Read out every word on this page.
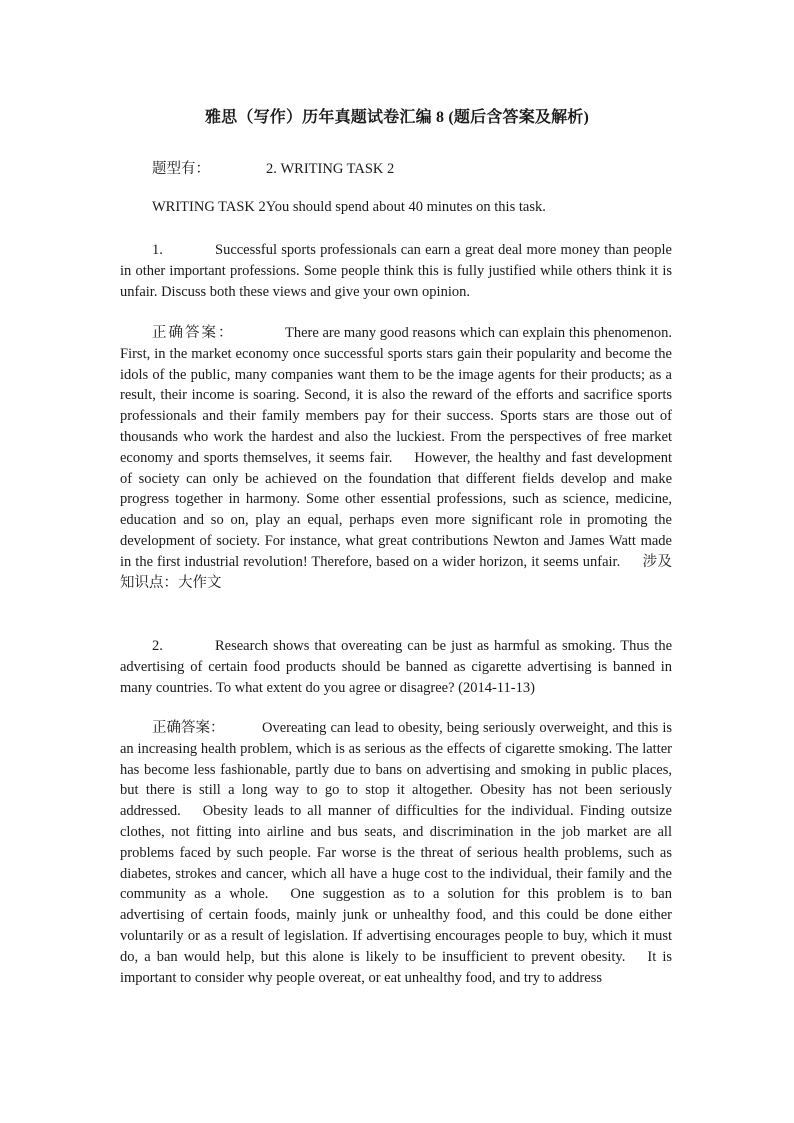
雅思（写作）历年真题试卷汇编 8 (题后含答案及解析)
题型有：	2. WRITING TASK 2
WRITING TASK 2You should spend about 40 minutes on this task.
1.	Successful sports professionals can earn a great deal more money than people in other important professions. Some people think this is fully justified while others think it is unfair. Discuss both these views and give your own opinion.
正确答案：	There are many good reasons which can explain this phenomenon. First, in the market economy once successful sports stars gain their popularity and become the idols of the public, many companies want them to be the image agents for their products; as a result, their income is soaring. Second, it is also the reward of the efforts and sacrifice sports professionals and their family members pay for their success. Sports stars are those out of thousands who work the hardest and also the luckiest. From the perspectives of free market economy and sports themselves, it seems fair. However, the healthy and fast development of society can only be achieved on the foundation that different fields develop and make progress together in harmony. Some other essential professions, such as science, medicine, education and so on, play an equal, perhaps even more significant role in promoting the development of society. For instance, what great contributions Newton and James Watt made in the first industrial revolution! Therefore, based on a wider horizon, it seems unfair. 涉及知识点：大作文
2.	Research shows that overeating can be just as harmful as smoking. Thus the advertising of certain food products should be banned as cigarette advertising is banned in many countries. To what extent do you agree or disagree? (2014-11-13)
正确答案：	Overeating can lead to obesity, being seriously overweight, and this is an increasing health problem, which is as serious as the effects of cigarette smoking. The latter has become less fashionable, partly due to bans on advertising and smoking in public places, but there is still a long way to go to stop it altogether. Obesity has not been seriously addressed. Obesity leads to all manner of difficulties for the individual. Finding outsize clothes, not fitting into airline and bus seats, and discrimination in the job market are all problems faced by such people. Far worse is the threat of serious health problems, such as diabetes, strokes and cancer, which all have a huge cost to the individual, their family and the community as a whole. One suggestion as to a solution for this problem is to ban advertising of certain foods, mainly junk or unhealthy food, and this could be done either voluntarily or as a result of legislation. If advertising encourages people to buy, which it must do, a ban would help, but this alone is likely to be insufficient to prevent obesity. It is important to consider why people overeat, or eat unhealthy food, and try to address
